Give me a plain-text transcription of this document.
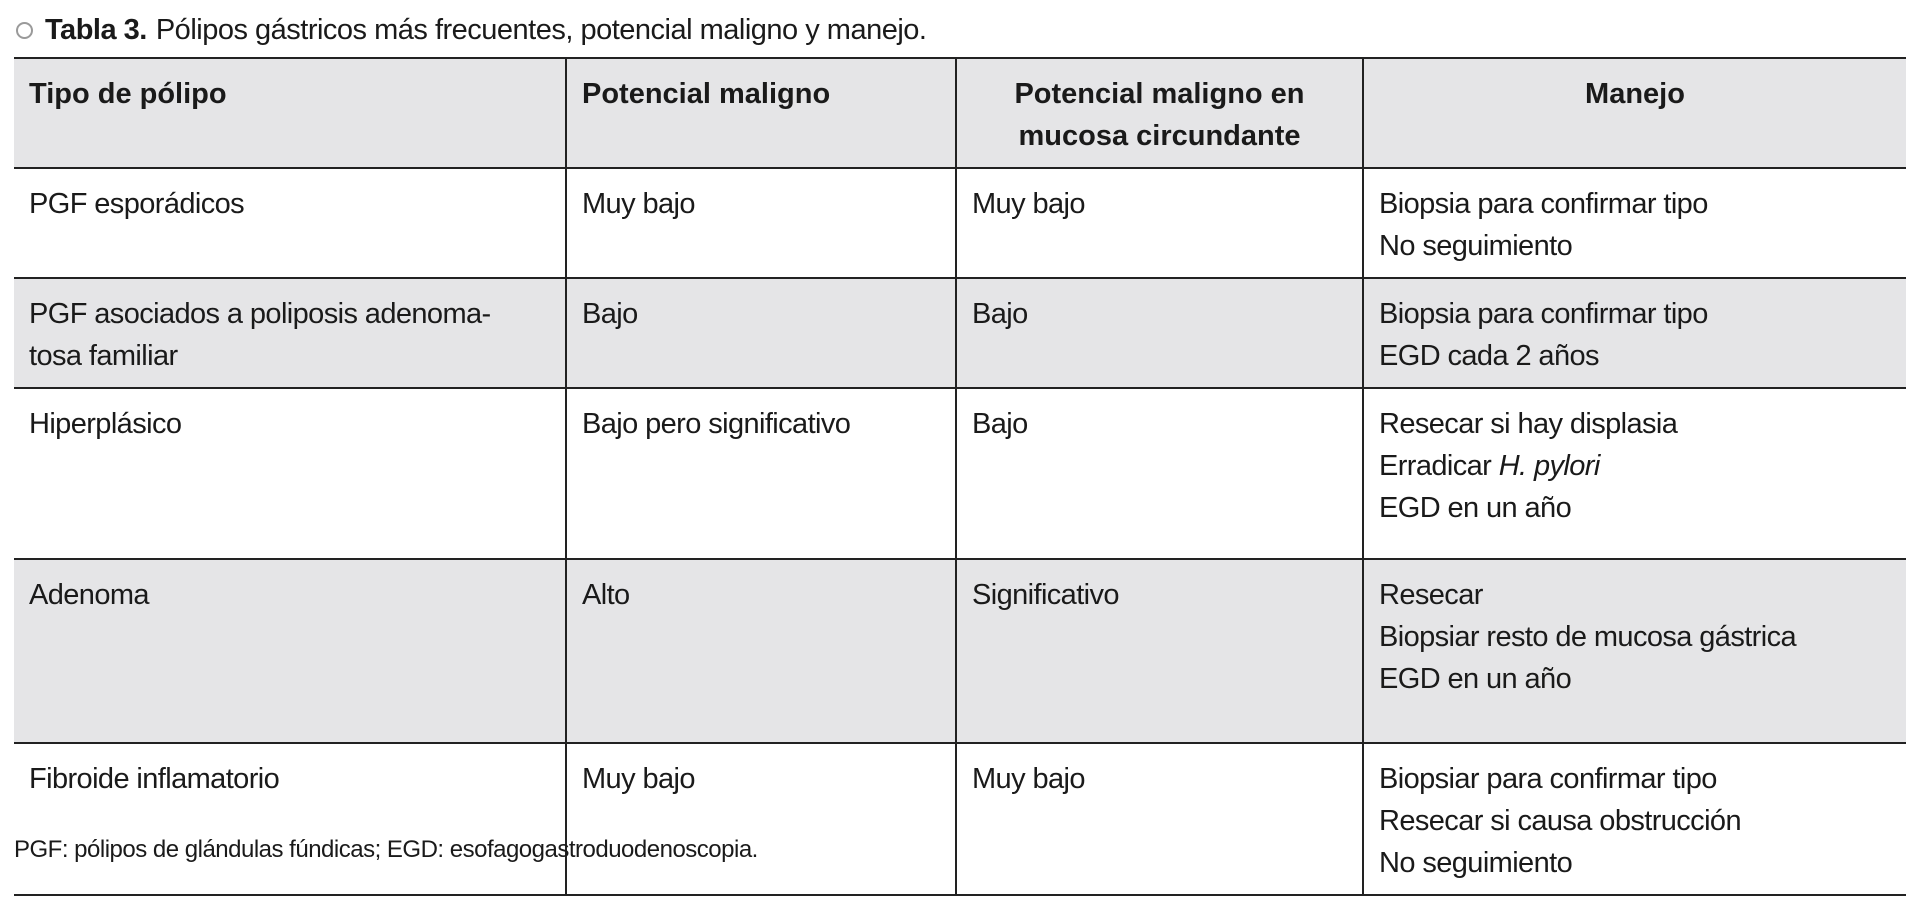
Tabla 3. Pólipos gástricos más frecuentes, potencial maligno y manejo.
Tipo de pólipo	Potencial maligno	Potencial maligno en mucosa circundante	Manejo

PGF esporádicos	Muy bajo	Muy bajo	Biopsia para confirmar tipo
No seguimiento

PGF asociados a poliposis adenoma-
tosa familiar	Bajo	Bajo	Biopsia para confirmar tipo
EGD cada 2 años

Hiperplásico	Bajo pero significativo	Bajo	Resecar si hay displasia
Erradicar H. pylori
EGD en un año

Adenoma	Alto	Significativo	Resecar
Biopsiar resto de mucosa gástrica
EGD en un año

Fibroide inflamatorio	Muy bajo	Muy bajo	Biopsiar para confirmar tipo
Resecar si causa obstrucción
No seguimiento
PGF: pólipos de glándulas fúndicas; EGD: esofagogastroduodenoscopia.
